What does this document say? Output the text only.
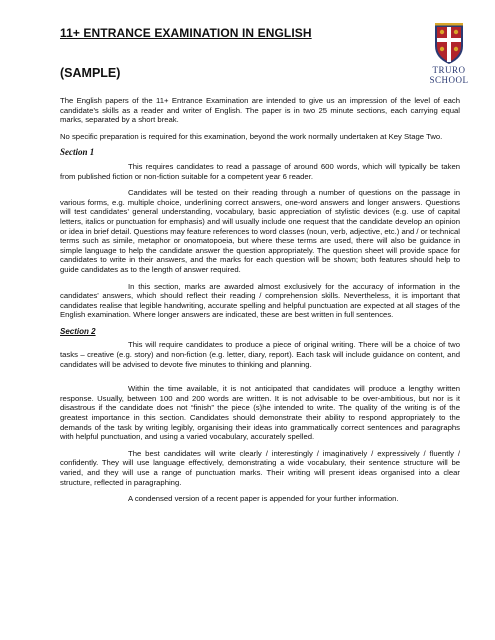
11+ ENTRANCE EXAMINATION IN ENGLISH
(SAMPLE)	TRURO
SCHOOL

The English papers of the 11+ Entrance Examination are intended to give us an impression of the level of each candidate’s skills as a reader and writer of English. The paper is in two 25 minute sections, each carrying equal marks, separated by a short break.

No specific preparation is required for this examination, beyond the work normally undertaken at Key Stage Two.

Section 1

This requires candidates to read a passage of around 600 words, which will typically be taken from published fiction or non-fiction suitable for a competent year 6 reader.

Candidates will be tested on their reading through a number of questions on the passage in various forms, e.g. multiple choice, underlining correct answers, one-word answers and longer answers. Questions will test candidates’ general understanding, vocabulary, basic appreciation of stylistic devices (e.g. use of capital letters, italics or punctuation for emphasis) and will usually include one request that the candidate develop an opinion or idea in brief detail. Questions may feature references to word classes (noun, verb, adjective, etc.) and / or technical terms such as simile, metaphor or onomatopoeia, but where these terms are used, there will also be guidance in simple language to help the candidate answer the question appropriately. The question sheet will provide space for candidates to write in their answers, and the marks for each question will be shown; both features should help to guide candidates as to the length of answer required.

In this section, marks are awarded almost exclusively for the accuracy of information in the candidates’ answers, which should reflect their reading / comprehension skills. Nevertheless, it is important that candidates realise that legible handwriting, accurate spelling and helpful punctuation are expected at all stages of the English examination. Where longer answers are indicated, these are best written in full sentences.

Section 2

This will require candidates to produce a piece of original writing. There will be a choice of two tasks – creative (e.g. story) and non-fiction (e.g. letter, diary, report). Each task will include guidance on content, and candidates will be advised to devote five minutes to thinking and planning.

Within the time available, it is not anticipated that candidates will produce a lengthy written response. Usually, between 100 and 200 words are written. It is not advisable to be over-ambitious, but nor is it disastrous if the candidate does not “finish” the piece (s)he intended to write. The quality of the writing is of the greatest importance in this section. Candidates should demonstrate their ability to respond appropriately to the demands of the task by writing legibly, organising their ideas into grammatically correct sentences and paragraphs with helpful punctuation, and using a varied vocabulary, accurately spelled.

The best candidates will write clearly / interestingly / imaginatively / expressively / fluently / confidently. They will use language effectively, demonstrating a wide vocabulary, their sentence structure will be varied, and they will use a range of punctuation marks. Their writing will present ideas organised into a clear structure, reflected in paragraphing.

A condensed version of a recent paper is appended for your further information.
